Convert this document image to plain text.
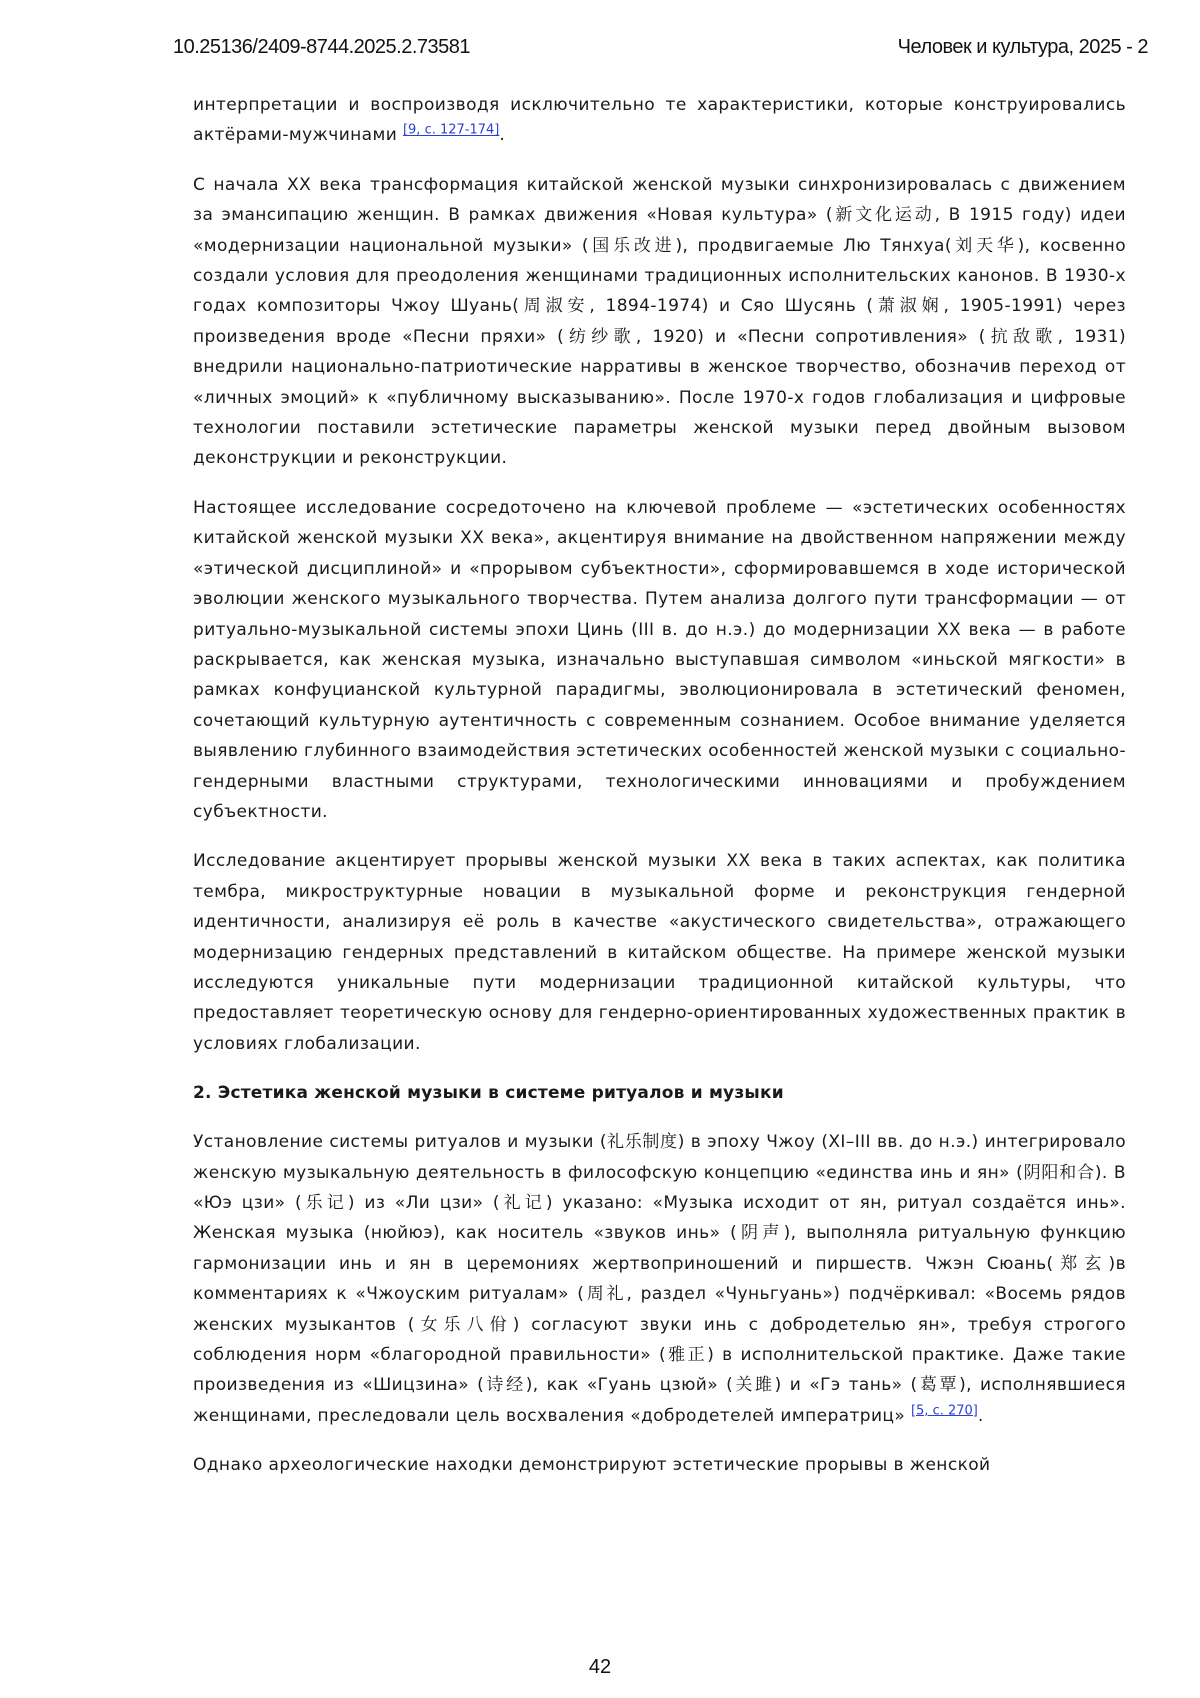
10.25136/2409-8744.2025.2.73581	Человек и культура, 2025 - 2

интерпретации и воспроизводя исключительно те характеристики, которые конструировались актёрами-мужчинами [9, с. 127-174].

С начала XX века трансформация китайской женской музыки синхронизировалась с движением за эмансипацию женщин. В рамках движения «Новая культура» (新文化运动, В 1915 году) идеи «модернизации национальной музыки» (国乐改进), продвигаемые Лю Тянхуа(刘天华), косвенно создали условия для преодоления женщинами традиционных исполнительских канонов. В 1930-х годах композиторы Чжоу Шуань(周淑安, 1894-1974) и Сяо Шусянь (萧淑娴, 1905-1991) через произведения вроде «Песни пряхи» (纺纱歌, 1920) и «Песни сопротивления» (抗敌歌, 1931) внедрили национально-патриотические нарративы в женское творчество, обозначив переход от «личных эмоций» к «публичному высказыванию». После 1970-х годов глобализация и цифровые технологии поставили эстетические параметры женской музыки перед двойным вызовом деконструкции и реконструкции.

Настоящее исследование сосредоточено на ключевой проблеме — «эстетических особенностях китайской женской музыки XX века», акцентируя внимание на двойственном напряжении между «этической дисциплиной» и «прорывом субъектности», сформировавшемся в ходе исторической эволюции женского музыкального творчества. Путем анализа долгого пути трансформации — от ритуально-музыкальной системы эпохи Цинь (III в. до н.э.) до модернизации XX века — в работе раскрывается, как женская музыка, изначально выступавшая символом «иньской мягкости» в рамках конфуцианской культурной парадигмы, эволюционировала в эстетический феномен, сочетающий культурную аутентичность с современным сознанием. Особое внимание уделяется выявлению глубинного взаимодействия эстетических особенностей женской музыки с социально-гендерными властными структурами, технологическими инновациями и пробуждением субъектности.

Исследование акцентирует прорывы женской музыки XX века в таких аспектах, как политика тембра, микроструктурные новации в музыкальной форме и реконструкция гендерной идентичности, анализируя её роль в качестве «акустического свидетельства», отражающего модернизацию гендерных представлений в китайском обществе. На примере женской музыки исследуются уникальные пути модернизации традиционной китайской культуры, что предоставляет теоретическую основу для гендерно-ориентированных художественных практик в условиях глобализации.

2. Эстетика женской музыки в системе ритуалов и музыки

Установление системы ритуалов и музыки (礼乐制度) в эпоху Чжоу (XI–III вв. до н.э.) интегрировало женскую музыкальную деятельность в философскую концепцию «единства инь и ян» (阴阳和合). В «Юэ цзи» (乐记) из «Ли цзи» (礼记) указано: «Музыка исходит от ян, ритуал создаётся инь». Женская музыка (нюйюэ), как носитель «звуков инь» (阴声), выполняла ритуальную функцию гармонизации инь и ян в церемониях жертвоприношений и пиршеств. Чжэн Сюань(郑玄)в комментариях к «Чжоуским ритуалам» (周礼, раздел «Чуньгуань») подчёркивал: «Восемь рядов женских музыкантов (女乐八佾) согласуют звуки инь с добродетелью ян», требуя строгого соблюдения норм «благородной правильности» (雅正) в исполнительской практике. Даже такие произведения из «Шицзина» (诗经), как «Гуань цзюй» (关雎) и «Гэ тань» (葛覃), исполнявшиеся женщинами, преследовали цель восхваления «добродетелей императриц» [5, с. 270].

Однако археологические находки демонстрируют эстетические прорывы в женской

42
